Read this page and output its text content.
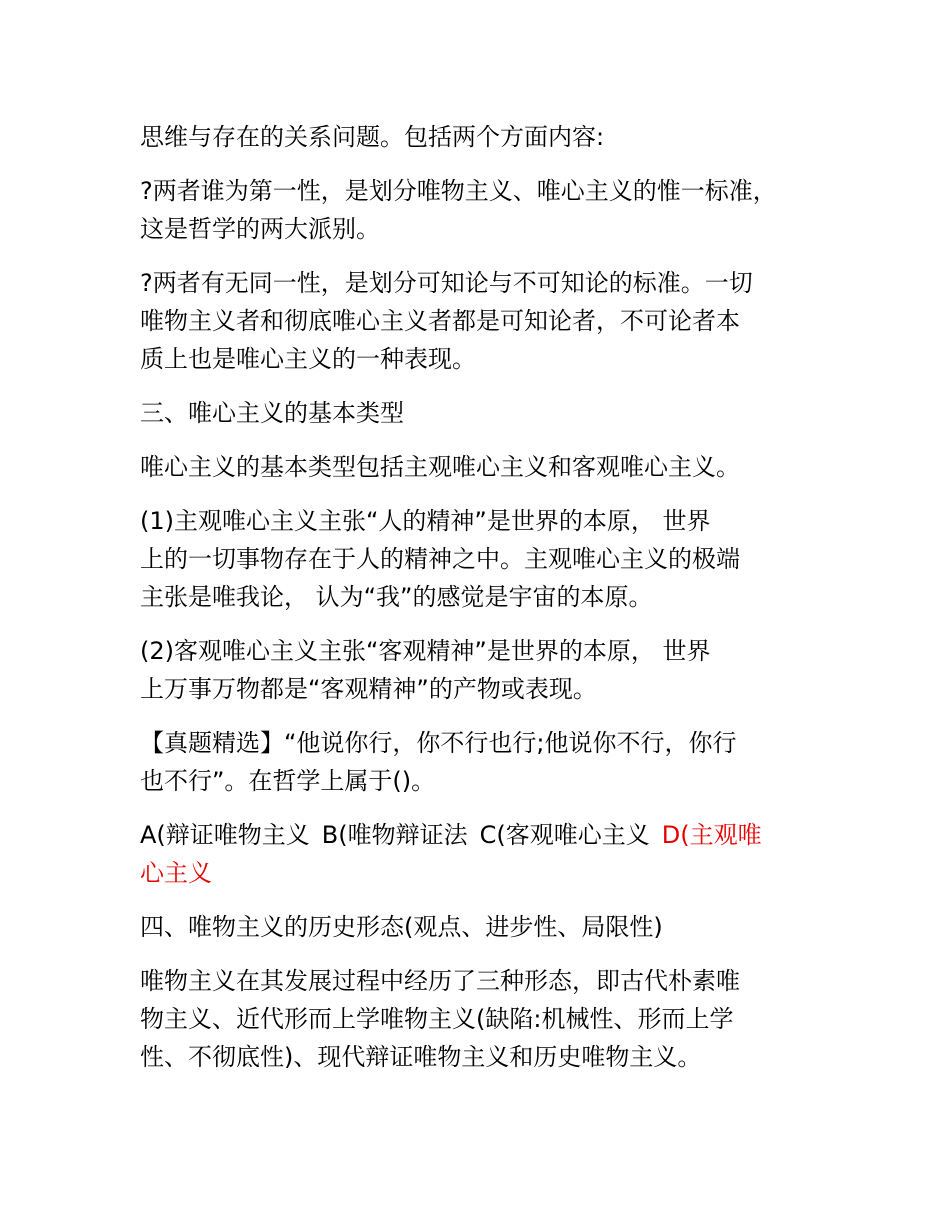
思维与存在的关系问题。包括两个方面内容:

?两者谁为第一性，是划分唯物主义、唯心主义的惟一标准，
这是哲学的两大派别。

?两者有无同一性，是划分可知论与不可知论的标准。一切
唯物主义者和彻底唯心主义者都是可知论者，不可论者本
质上也是唯心主义的一种表现。

三、唯心主义的基本类型

唯心主义的基本类型包括主观唯心主义和客观唯心主义。

(1)主观唯心主义主张“人的精神”是世界的本原， 世界
上的一切事物存在于人的精神之中。主观唯心主义的极端
主张是唯我论， 认为“我”的感觉是宇宙的本原。

(2)客观唯心主义主张“客观精神”是世界的本原， 世界
上万事万物都是“客观精神”的产物或表现。

【真题精选】“他说你行，你不行也行;他说你不行，你行
也不行”。在哲学上属于()。

A(辩证唯物主义 B(唯物辩证法 C(客观唯心主义 D(主观唯
心主义

四、唯物主义的历史形态(观点、进步性、局限性)

唯物主义在其发展过程中经历了三种形态，即古代朴素唯
物主义、近代形而上学唯物主义(缺陷:机械性、形而上学
性、不彻底性)、现代辩证唯物主义和历史唯物主义。
